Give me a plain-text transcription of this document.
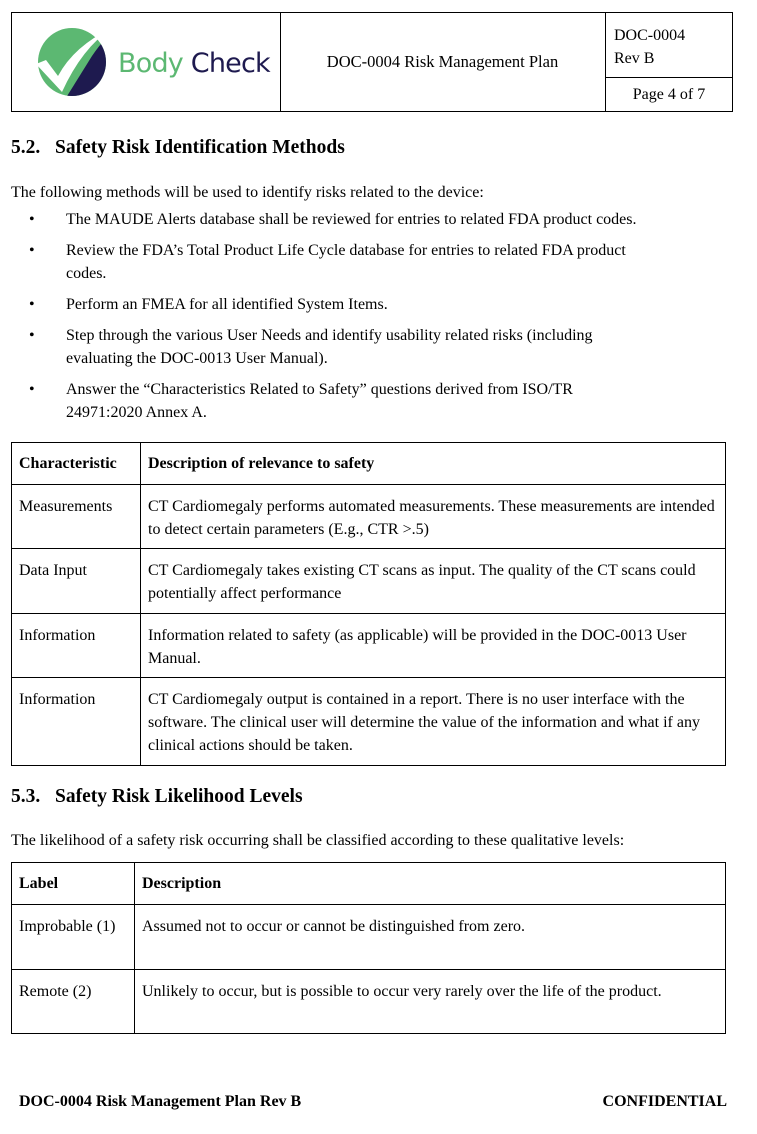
Body Check	DOC-0004 Risk Management Plan
DOC-0004
Rev B
Page 4 of 7
5.2. Safety Risk Identification Methods
The following methods will be used to identify risks related to the device:
• The MAUDE Alerts database shall be reviewed for entries to related FDA product codes.
• Review the FDA’s Total Product Life Cycle database for entries to related FDA product codes.
• Perform an FMEA for all identified System Items.
• Step through the various User Needs and identify usability related risks (including evaluating the DOC-0013 User Manual).
• Answer the “Characteristics Related to Safety” questions derived from ISO/TR 24971:2020 Annex A.
Characteristic	Description of relevance to safety
Measurements	CT Cardiomegaly performs automated measurements. These measurements are intended to detect certain parameters (E.g., CTR >.5)
Data Input	CT Cardiomegaly takes existing CT scans as input. The quality of the CT scans could potentially affect performance
Information	Information related to safety (as applicable) will be provided in the DOC-0013 User Manual.
Information	CT Cardiomegaly output is contained in a report. There is no user interface with the software. The clinical user will determine the value of the information and what if any clinical actions should be taken.
5.3. Safety Risk Likelihood Levels
The likelihood of a safety risk occurring shall be classified according to these qualitative levels:
Label	Description
Improbable (1)	Assumed not to occur or cannot be distinguished from zero.
Remote (2)	Unlikely to occur, but is possible to occur very rarely over the life of the product.
DOC-0004 Risk Management Plan Rev B	CONFIDENTIAL
